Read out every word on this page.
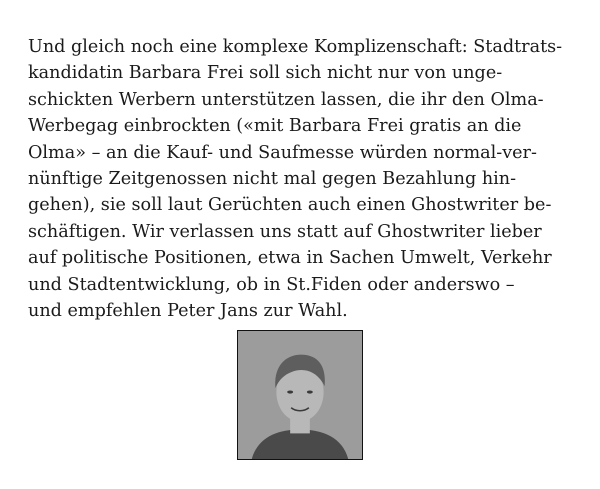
Und gleich noch eine komplexe Komplizenschaft: Stadtrats-
kandidatin Barbara Frei soll sich nicht nur von unge-
schickten Werbern unterstützen lassen, die ihr den Olma-
Werbegag einbrockten («mit Barbara Frei gratis an die
Olma» – an die Kauf- und Saufmesse würden normal-ver-
nünftige Zeitgenossen nicht mal gegen Bezahlung hin-
gehen), sie soll laut Gerüchten auch einen Ghostwriter be-
schäftigen. Wir verlassen uns statt auf Ghostwriter lieber
auf politische Positionen, etwa in Sachen Umwelt, Verkehr
und Stadtentwicklung, ob in St.Fiden oder anderswo –
und empfehlen Peter Jans zur Wahl.
